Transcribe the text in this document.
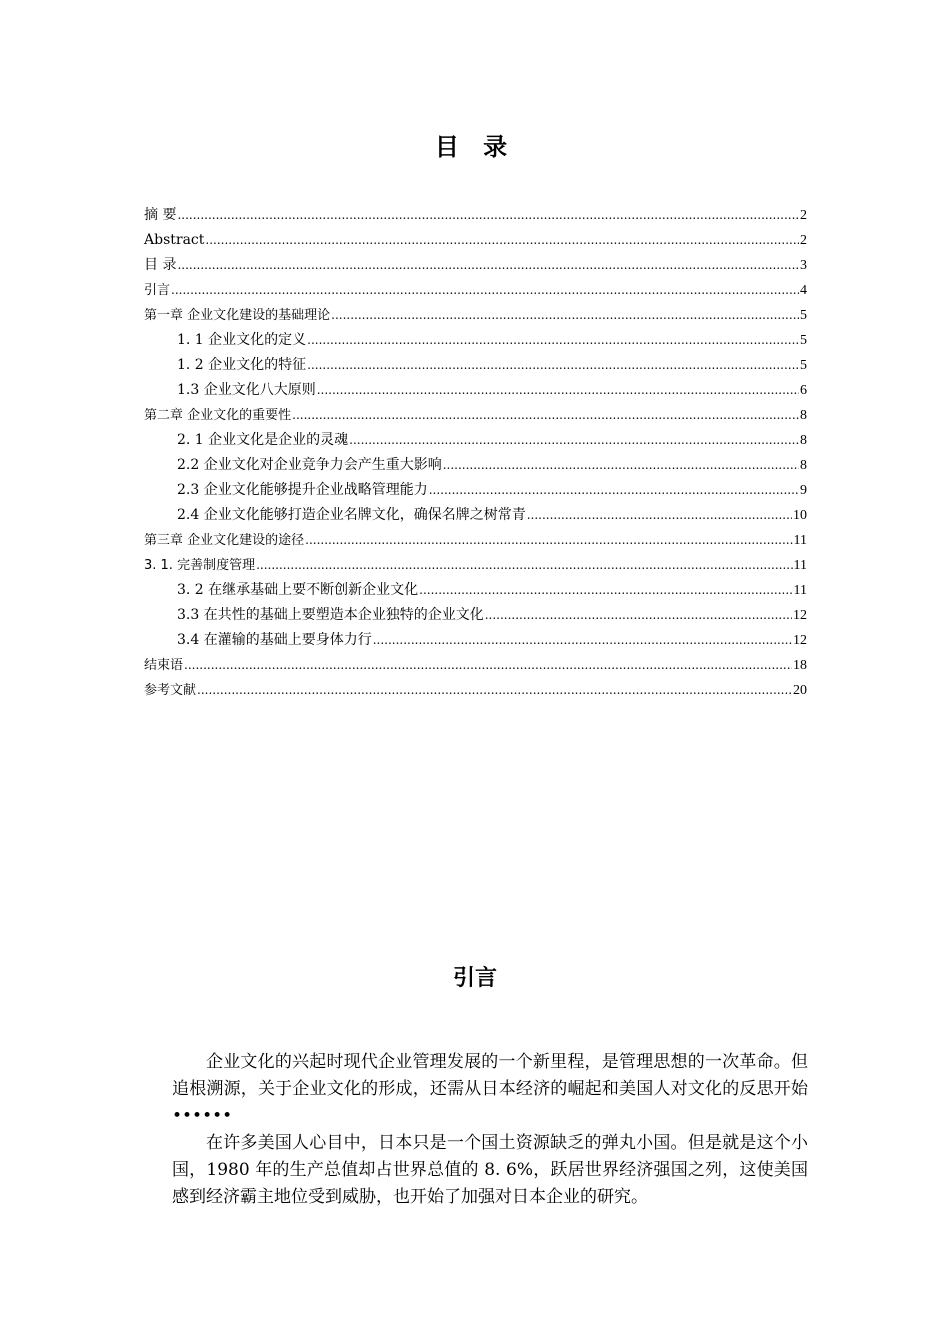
目 录
摘 要 .....	2
Abstract .....	2
目 录 .....	3
引言 .....	4
第一章 企业文化建设的基础理论 .....	5
1. 1 企业文化的定义 .....	5
1. 2 企业文化的特征 .....	5
1.3 企业文化八大原则 .....	6
第二章 企业文化的重要性 .....	8
2. 1 企业文化是企业的灵魂 .....	8
2.2 企业文化对企业竞争力会产生重大影响 .....	8
2.3 企业文化能够提升企业战略管理能力 .....	9
2.4 企业文化能够打造企业名牌文化，确保名牌之树常青 .....	10
第三章 企业文化建设的途径 .....	11
3. 1. 完善制度管理 .....	11
3. 2 在继承基础上要不断创新企业文化 .....	11
3.3 在共性的基础上要塑造本企业独特的企业文化 .....	12
3.4 在灌输的基础上要身体力行 .....	12
结束语 .....	18
参考文献 .....	20
引言

企业文化的兴起时现代企业管理发展的一个新里程，是管理思想的一次革命。但追根溯源，关于企业文化的形成，还需从日本经济的崛起和美国人对文化的反思开始••••••

在许多美国人心目中，日本只是一个国土资源缺乏的弹丸小国。但是就是这个小国，1980 年的生产总值却占世界总值的 8. 6%，跃居世界经济强国之列，这使美国感到经济霸主地位受到威胁，也开始了加强对日本企业的研究。
